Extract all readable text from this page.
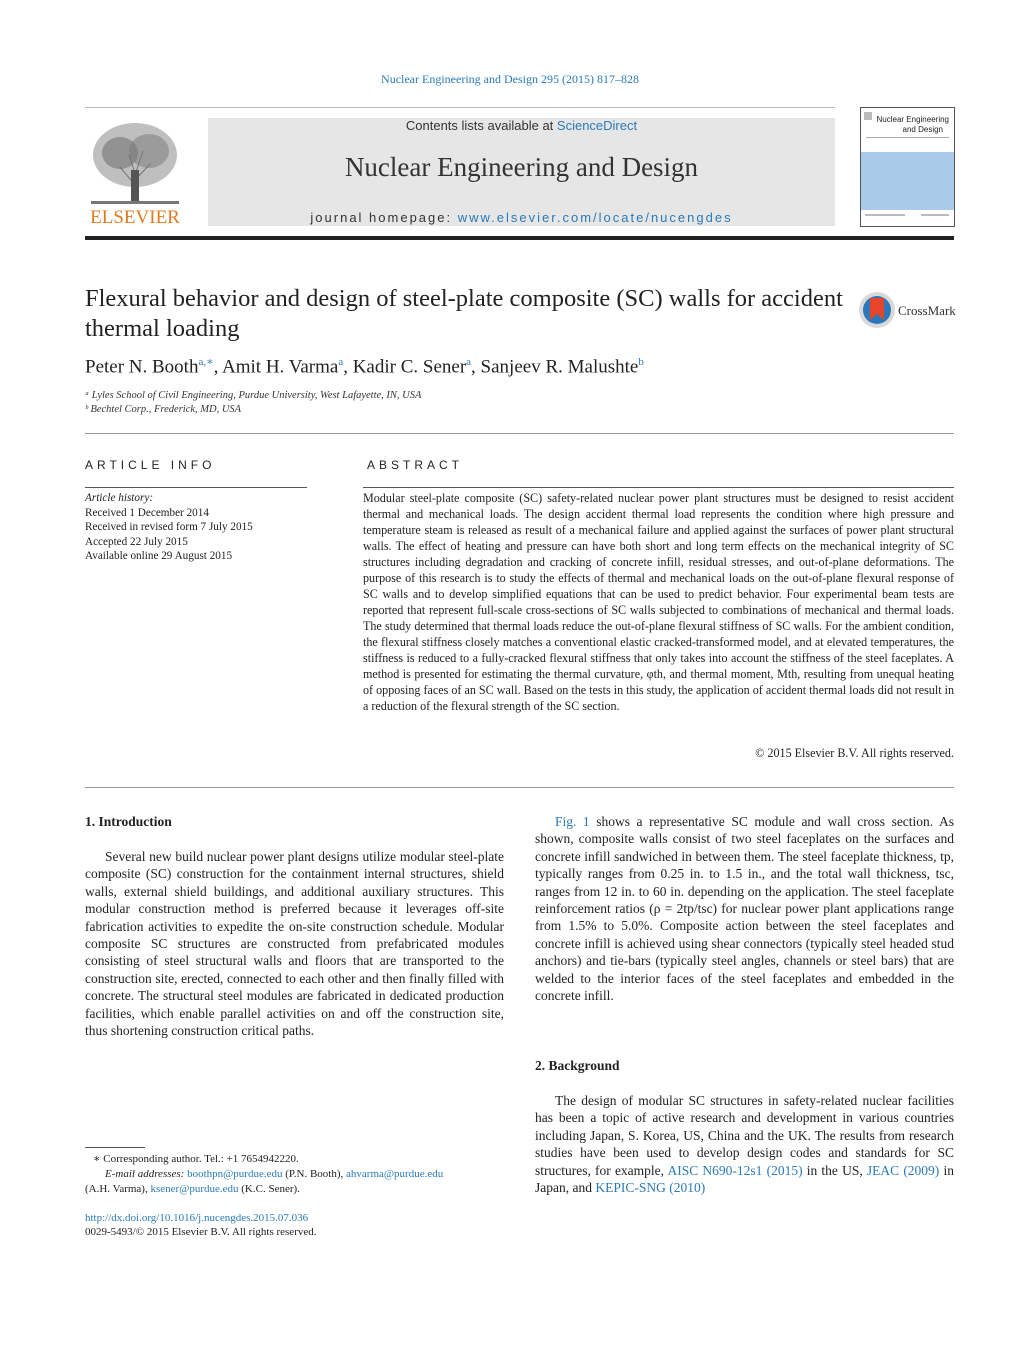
Nuclear Engineering and Design 295 (2015) 817–828
ELSEVIER
Contents lists available at ScienceDirect
Nuclear Engineering and Design
journal homepage: www.elsevier.com/locate/nucengdes
Nuclear Engineering
and Design
Flexural behavior and design of steel-plate composite (SC) walls for accident thermal loading
CrossMark
Peter N. Booth$^{a,∗}$, Amit H. Varma$^a$, Kadir C. Sener$^a$, Sanjeev R. Malushte$^b$
ᵃ Lyles School of Civil Engineering, Purdue University, West Lafayette, IN, USA
ᵇ Bechtel Corp., Frederick, MD, USA
ARTICLE INFO
Article history:
Received 1 December 2014
Received in revised form 7 July 2015
Accepted 22 July 2015
Available online 29 August 2015
ABSTRACT
Modular steel-plate composite (SC) safety-related nuclear power plant structures must be designed to resist accident thermal and mechanical loads. The design accident thermal load represents the condition where high pressure and temperature steam is released as result of a mechanical failure and applied against the surfaces of power plant structural walls. The effect of heating and pressure can have both short and long term effects on the mechanical integrity of SC structures including degradation and cracking of concrete infill, residual stresses, and out-of-plane deformations. The purpose of this research is to study the effects of thermal and mechanical loads on the out-of-plane flexural response of SC walls and to develop simplified equations that can be used to predict behavior. Four experimental beam tests are reported that represent full-scale cross-sections of SC walls subjected to combinations of mechanical and thermal loads. The study determined that thermal loads reduce the out-of-plane flexural stiffness of SC walls. For the ambient condition, the flexural stiffness closely matches a conventional elastic cracked-transformed model, and at elevated temperatures, the stiffness is reduced to a fully-cracked flexural stiffness that only takes into account the stiffness of the steel faceplates. A method is presented for estimating the thermal curvature, φth, and thermal moment, Mth, resulting from unequal heating of opposing faces of an SC wall. Based on the tests in this study, the application of accident thermal loads did not result in a reduction of the flexural strength of the SC section.
© 2015 Elsevier B.V. All rights reserved.
1. Introduction
Several new build nuclear power plant designs utilize modular steel-plate composite (SC) construction for the containment internal structures, shield walls, external shield buildings, and additional auxiliary structures. This modular construction method is preferred because it leverages off-site fabrication activities to expedite the on-site construction schedule. Modular composite SC structures are constructed from prefabricated modules consisting of steel structural walls and floors that are transported to the construction site, erected, connected to each other and then finally filled with concrete. The structural steel modules are fabricated in dedicated production facilities, which enable parallel activities on and off the construction site, thus shortening construction critical paths.
Fig. 1 shows a representative SC module and wall cross section. As shown, composite walls consist of two steel faceplates on the surfaces and concrete infill sandwiched in between them. The steel faceplate thickness, tp, typically ranges from 0.25 in. to 1.5 in., and the total wall thickness, tsc, ranges from 12 in. to 60 in. depending on the application. The steel faceplate reinforcement ratios (ρ = 2tp/tsc) for nuclear power plant applications range from 1.5% to 5.0%. Composite action between the steel faceplates and concrete infill is achieved using shear connectors (typically steel headed stud anchors) and tie-bars (typically steel angles, channels or steel bars) that are welded to the interior faces of the steel faceplates and embedded in the concrete infill.
2. Background
The design of modular SC structures in safety-related nuclear facilities has been a topic of active research and development in various countries including Japan, S. Korea, US, China and the UK. The results from research studies have been used to develop design codes and standards for SC structures, for example, AISC N690-12s1 (2015) in the US, JEAC (2009) in Japan, and KEPIC-SNG (2010)
∗ Corresponding author. Tel.: +1 7654942220.
E-mail addresses: boothpn@purdue.edu (P.N. Booth), ahvarma@purdue.edu
(A.H. Varma), ksener@purdue.edu (K.C. Sener).
http://dx.doi.org/10.1016/j.nucengdes.2015.07.036
0029-5493/© 2015 Elsevier B.V. All rights reserved.
